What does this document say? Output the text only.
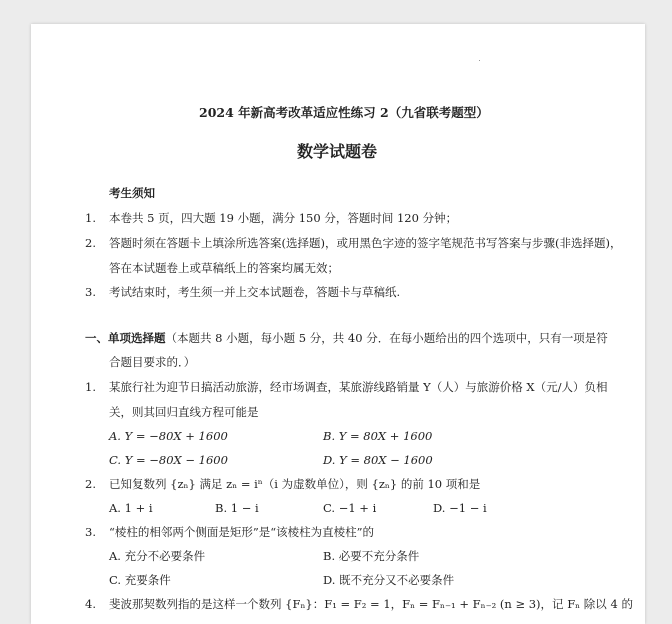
2024 年新高考改革适应性练习 2（九省联考题型）
数学试题卷
考生须知
1. 本卷共 5 页，四大题 19 小题，满分 150 分，答题时间 120 分钟；
2. 答题时须在答题卡上填涂所选答案(选择题)，或用黑色字迹的签字笔规范书写答案与步骤(非选择题)，
答在本试题卷上或草稿纸上的答案均属无效；
3. 考试结束时，考生须一并上交本试题卷，答题卡与草稿纸.
一、单项选择题（本题共 8 小题，每小题 5 分，共 40 分．在每小题给出的四个选项中，只有一项是符
合题目要求的．）
1. 某旅行社为迎节日搞活动旅游，经市场调查，某旅游线路销量 Y（人）与旅游价格 X（元/人）负相
关，则其回归直线方程可能是
A. Y = −80X + 1600	B. Y = 80X + 1600
C. Y = −80X − 1600	D. Y = 80X − 1600
2. 已知复数列 {zₙ} 满足 zₙ = iⁿ（i 为虚数单位），则 {zₙ} 的前 10 项和是
A. 1 + i	B. 1 − i	C. −1 + i	D. −1 − i
3. “棱柱的相邻两个侧面是矩形”是“该棱柱为直棱柱”的
A. 充分不必要条件	B. 必要不充分条件
C. 充要条件	D. 既不充分又不必要条件
4. 斐波那契数列指的是这样一个数列 {Fₙ}：F₁ = F₂ = 1，Fₙ = Fₙ₋₁ + Fₙ₋₂ (n ≥ 3)，记 Fₙ 除以 4 的
